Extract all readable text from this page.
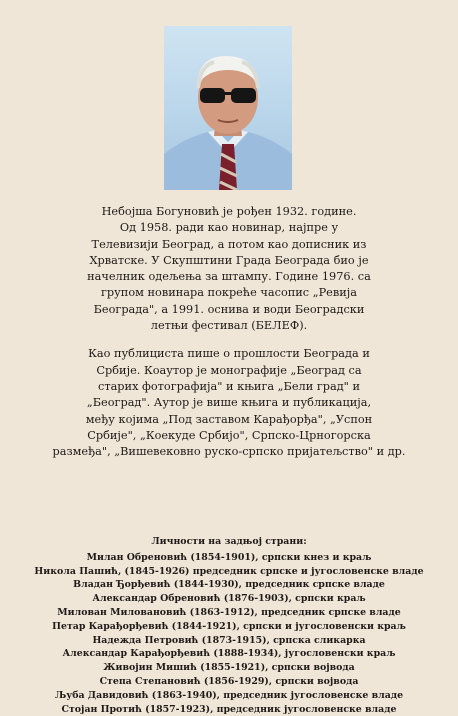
Небојша Богуновић је рођен 1932. године.
Од 1958. ради као новинар, најпре у
Телевизији Београд, а потом као дописник из
Хрватске. У Скупштини Града Београда био је
начелник одељења за штампу. Године 1976. са
групом новинара покреће часопис „Ревија
Београда", а 1991. оснива и води Београдски
летњи фестивал (БЕЛЕФ).

Као публициста пише о прошлости Београда и
Србије. Коаутор је монографије „Београд са
старих фотографија" и књига „Бели град" и
„Београд". Аутор је више књига и публикација,
међу којима „Под заставом Карађорђа", „Успон
Србије", „Коекуде Србијо", Српско-Црногорска
размеђа", „Вишевековно руско-српско пријатељство" и др.

Личности на задњој страни:
Милан Обреновић (1854-1901), српски кнез и краљ
Никола Пашић, (1845-1926) председник српске и југословенске владе
Владан Ђорђевић (1844-1930), председник српске владе
Александар Обреновић (1876-1903), српски краљ
Милован Миловановић (1863-1912), председник српске владе
Петар Карађорђевић (1844-1921), српски и југословенски краљ
Надежда Петровић (1873-1915), српска сликарка
Александар Карађорђевић (1888-1934), југословенски краљ
Живојин Мишић (1855-1921), српски војвода
Степа Степановић (1856-1929), српски војвода
Љуба Давидовић (1863-1940), председник југословенске владе
Стојан Протић (1857-1923), председник југословенске владе
